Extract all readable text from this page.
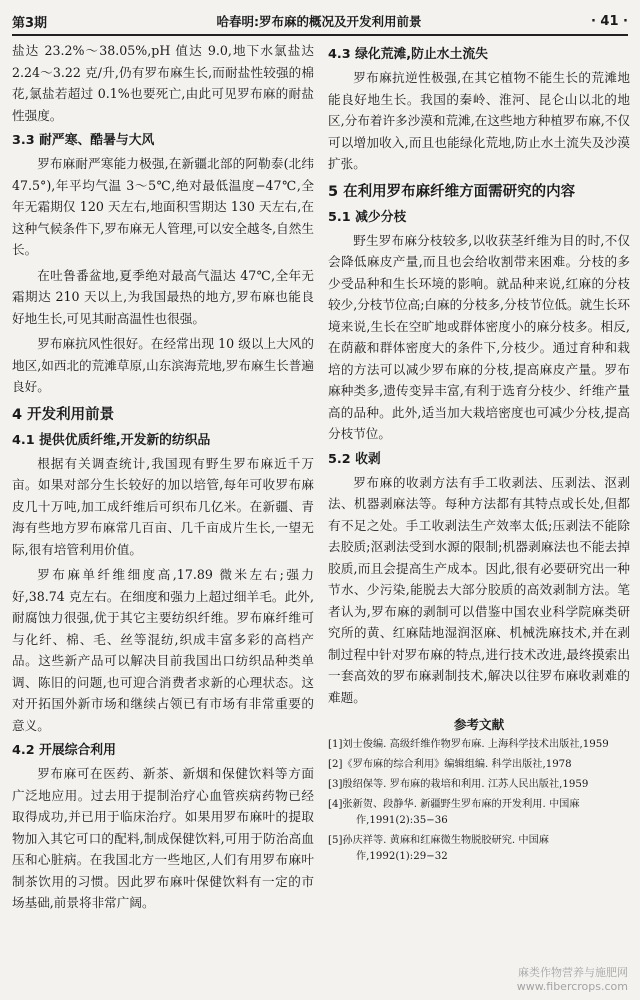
第3期	哈春明:罗布麻的概况及开发利用前景	· 41 ·

盐达 23.2%～38.05%,pH 值达 9.0,地下水氯盐达 2.24～3.22 克/升,仍有罗布麻生长,而耐盐性较强的棉花,氯盐若超过 0.1%也要死亡,由此可见罗布麻的耐盐性强度。

3.3 耐严寒、酷暑与大风

罗布麻耐严寒能力极强,在新疆北部的阿勒泰(北纬 47.5°),年平均气温 3～5℃,绝对最低温度−47℃,全年无霜期仅 120 天左右,地面积雪期达 130 天左右,在这种气候条件下,罗布麻无人管理,可以安全越冬,自然生长。

在吐鲁番盆地,夏季绝对最高气温达 47℃,全年无霜期达 210 天以上,为我国最热的地方,罗布麻也能良好地生长,可见其耐高温性也很强。

罗布麻抗风性很好。在经常出现 10 级以上大风的地区,如西北的荒滩草原,山东滨海荒地,罗布麻生长普遍良好。

4 开发利用前景
4.1 提供优质纤维,开发新的纺织品

根据有关调查统计,我国现有野生罗布麻近千万亩。如果对部分生长较好的加以培管,每年可收罗布麻皮几十万吨,加工成纤维后可织布几亿米。在新疆、青海有些地方罗布麻常几百亩、几千亩成片生长,一望无际,很有培管利用价值。

罗布麻单纤维细度高,17.89 微米左右;强力好,38.74 克左右。在细度和强力上超过细羊毛。此外,耐腐蚀力很强,优于其它主要纺织纤维。罗布麻纤维可与化纤、棉、毛、丝等混纺,织成丰富多彩的高档产品。这些新产品可以解决目前我国出口纺织品种类单调、陈旧的问题,也可迎合消费者求新的心理状态。这对开拓国外新市场和继续占领已有市场有非常重要的意义。

4.2 开展综合利用

罗布麻可在医药、新茶、新烟和保健饮料等方面广泛地应用。过去用于提制治疗心血管疾病药物已经取得成功,并已用于临床治疗。如果用罗布麻叶的提取物加入其它可口的配料,制成保健饮料,可用于防治高血压和心脏病。在我国北方一些地区,人们有用罗布麻叶制茶饮用的习惯。因此罗布麻叶保健饮料有一定的市场基础,前景将非常广阔。

4.3 绿化荒滩,防止水土流失

罗布麻抗逆性极强,在其它植物不能生长的荒滩地能良好地生长。我国的秦岭、淮河、昆仑山以北的地区,分布着许多沙漠和荒滩,在这些地方种植罗布麻,不仅可以增加收入,而且也能绿化荒地,防止水土流失及沙漠扩张。

5 在利用罗布麻纤维方面需研究的内容
5.1 减少分枝

野生罗布麻分枝较多,以收获茎纤维为目的时,不仅会降低麻皮产量,而且也会给收割带来困难。分枝的多少受品种和生长环境的影响。就品种来说,红麻的分枝较少,分枝节位高;白麻的分枝多,分枝节位低。就生长环境来说,生长在空旷地或群体密度小的麻分枝多。相反,在荫蔽和群体密度大的条件下,分枝少。通过育种和栽培的方法可以减少罗布麻的分枝,提高麻皮产量。罗布麻种类多,遗传变异丰富,有利于选育分枝少、纤维产量高的品种。此外,适当加大栽培密度也可减少分枝,提高分枝节位。

5.2 收剥

罗布麻的收剥方法有手工收剥法、压剥法、沤剥法、机器剥麻法等。每种方法都有其特点或长处,但都有不足之处。手工收剥法生产效率太低;压剥法不能除去胶质;沤剥法受到水源的限制;机器剥麻法也不能去掉胶质,而且会提高生产成本。因此,很有必要研究出一种节水、少污染,能脱去大部分胶质的高效剥制方法。笔者认为,罗布麻的剥制可以借鉴中国农业科学院麻类研究所的黄、红麻陆地湿润沤麻、机械洗麻技术,并在剥制过程中针对罗布麻的特点,进行技术改进,最终摸索出一套高效的罗布麻剥制技术,解决以往罗布麻收剥难的难题。

参考文献

[1]刘士俊编. 高级纤维作物罗布麻. 上海科学技术出版社,1959

[2]《罗布麻的综合利用》编辑组编. 科学出版社,1978

[3]殷绍保等. 罗布麻的栽培和利用. 江苏人民出版社,1959

[4]张新贺、段静华. 新疆野生罗布麻的开发利用. 中国麻作,1991(2):35−36

[5]孙庆祥等. 黄麻和红麻微生物脱胶研究. 中国麻作,1992(1):29−32

麻类作物营养与施肥网
www.fibercrops.com
